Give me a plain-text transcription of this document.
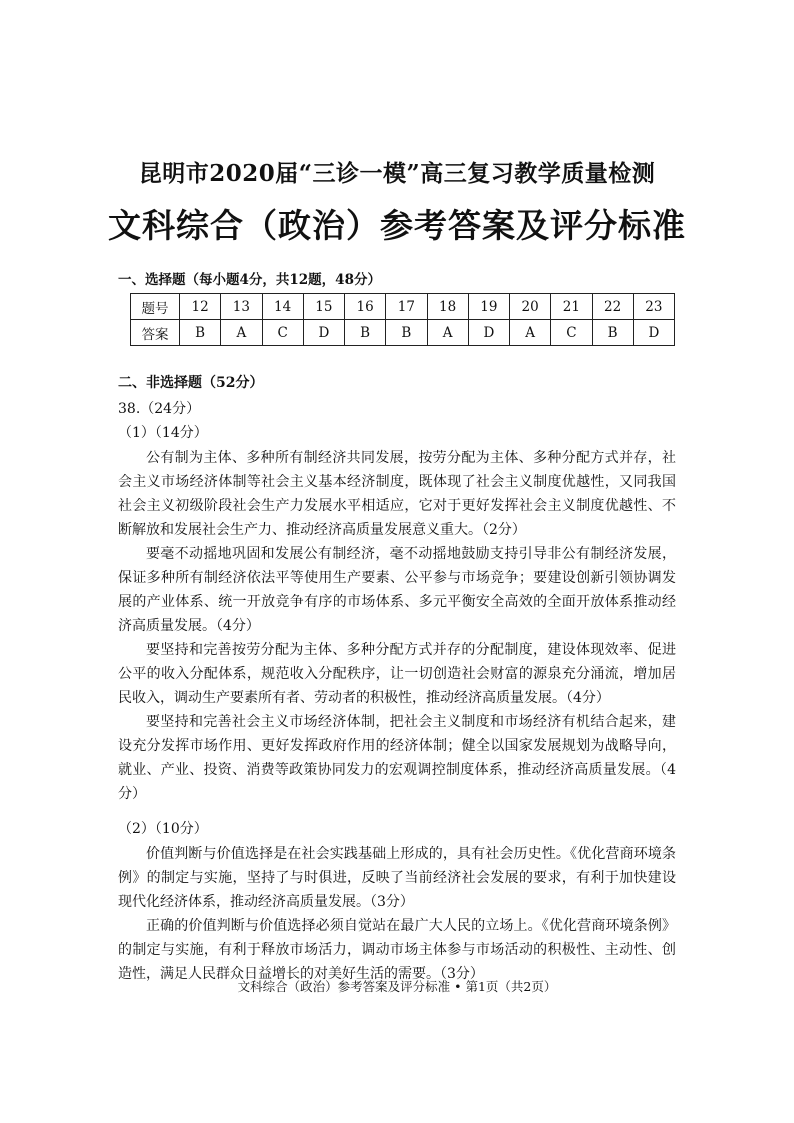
昆明市2020届“三诊一模”高三复习教学质量检测
文科综合（政治）参考答案及评分标准
一、选择题（每小题4分，共12题，48分）
题号	12	13	14	15	16	17	18	19	20	21	22	23
答案	B	A	C	D	B	B	A	D	A	C	B	D
二、非选择题（52分）
38.（24分）
（1）（14分）

公有制为主体、多种所有制经济共同发展，按劳分配为主体、多种分配方式并存，社会主义市场经济体制等社会主义基本经济制度，既体现了社会主义制度优越性，又同我国社会主义初级阶段社会生产力发展水平相适应，它对于更好发挥社会主义制度优越性、不断解放和发展社会生产力、推动经济高质量发展意义重大。（2分）

要毫不动摇地巩固和发展公有制经济，毫不动摇地鼓励支持引导非公有制经济发展，保证多种所有制经济依法平等使用生产要素、公平参与市场竞争；要建设创新引领协调发展的产业体系、统一开放竞争有序的市场体系、多元平衡安全高效的全面开放体系推动经济高质量发展。（4分）

要坚持和完善按劳分配为主体、多种分配方式并存的分配制度，建设体现效率、促进公平的收入分配体系，规范收入分配秩序，让一切创造社会财富的源泉充分涌流，增加居民收入，调动生产要素所有者、劳动者的积极性，推动经济高质量发展。（4分）

要坚持和完善社会主义市场经济体制，把社会主义制度和市场经济有机结合起来，建设充分发挥市场作用、更好发挥政府作用的经济体制；健全以国家发展规划为战略导向，就业、产业、投资、消费等政策协同发力的宏观调控制度体系，推动经济高质量发展。（4分）

（2）（10分）

价值判断与价值选择是在社会实践基础上形成的，具有社会历史性。《优化营商环境条例》的制定与实施，坚持了与时俱进，反映了当前经济社会发展的要求，有利于加快建设现代化经济体系，推动经济高质量发展。（3分）

正确的价值判断与价值选择必须自觉站在最广大人民的立场上。《优化营商环境条例》的制定与实施，有利于释放市场活力，调动市场主体参与市场活动的积极性、主动性、创造性，满足人民群众日益增长的对美好生活的需要。（3分）

文科综合（政治）参考答案及评分标准 • 第1页（共2页）
